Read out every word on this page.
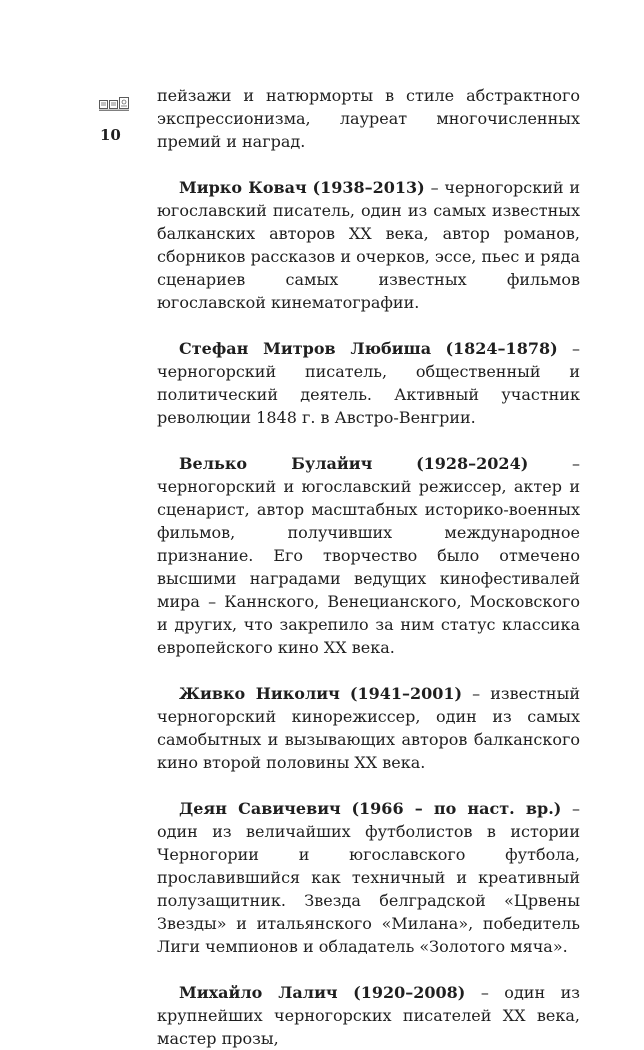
10

пейзажи и натюрморты в стиле абстрактного экспрессионизма, лауреат многочисленных премий и наград.

Мирко Ковач (1938–2013) – черногорский и югославский писатель, один из самых известных балканских авторов XX века, автор романов, сборников рассказов и очерков, эссе, пьес и ряда сценариев самых известных фильмов югославской кинематографии.

Стефан Митров Любиша (1824–1878) – черногорский писатель, общественный и политический деятель. Активный участник революции 1848 г. в Австро-Венгрии.

Велько Булайич	(1928–2024) – черногорский и югославский режиссер, актер и сценарист, автор масштабных историко-военных фильмов, получивших международное признание. Его творчество было отмечено высшими наградами ведущих кинофестивалей мира – Каннского, Венецианского, Московского и других, что закрепило за ним статус классика европейского кино XX века.

Живко Николич (1941–2001) – известный черногорский кинорежиссер, один из самых самобытных и вызывающих авторов балканского кино второй половины XX века.

Деян Савичевич (1966 – по наст. вр.) – один из величайших футболистов в истории Черногории и югославского футбола, прославившийся как техничный и креативный полузащитник. Звезда белградской «Црвены Звезды» и итальянского «Милана», победитель Лиги чемпионов и обладатель «Золотого мяча».

Михайло Лалич (1920–2008) – один из крупнейших черногорских писателей XX века, мастер прозы,
